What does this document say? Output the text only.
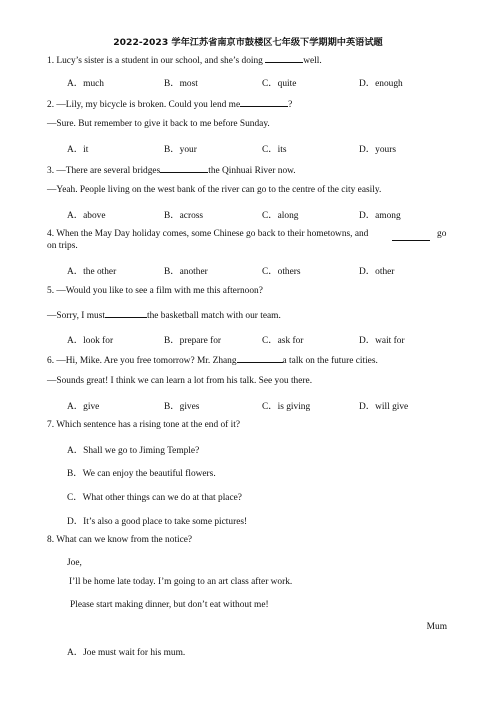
2022-2023 学年江苏省南京市鼓楼区七年级下学期期中英语试题
1. Lucy’s sister is a student in our school, and she’s doing	well.
A．much	B．most	C．quite	D．enough
2. —Lily, my bicycle is broken. Could you lend me	?
—Sure. But remember to give it back to me before Sunday.
A．it	B．your	C．its	D．yours
3. —There are several bridges	the Qinhuai River now.
—Yeah. People living on the west bank of the river can go to the centre of the city easily.
A．above	B．across	C．along	D．among
4. When the May Day holiday comes, some Chinese go back to their hometowns, and	go
on trips.
A．the other	B．another	C．others	D．other
5. —Would you like to see a film with me this afternoon?
—Sorry, I must	the basketball match with our team.
A．look for	B．prepare for	C．ask for	D．wait for
6. —Hi, Mike. Are you free tomorrow? Mr. Zhang	a talk on the future cities.
—Sounds great! I think we can learn a lot from his talk. See you there.
A．give	B．gives	C．is giving	D．will give
7. Which sentence has a rising tone at the end of it?
A．Shall we go to Jiming Temple?
B．We can enjoy the beautiful flowers.
C．What other things can we do at that place?
D．It’s also a good place to take some pictures!
8. What can we know from the notice?
Joe,
I’ll be home late today. I’m going to an art class after work.
Please start making dinner, but don’t eat without me!
Mum
A．Joe must wait for his mum.
